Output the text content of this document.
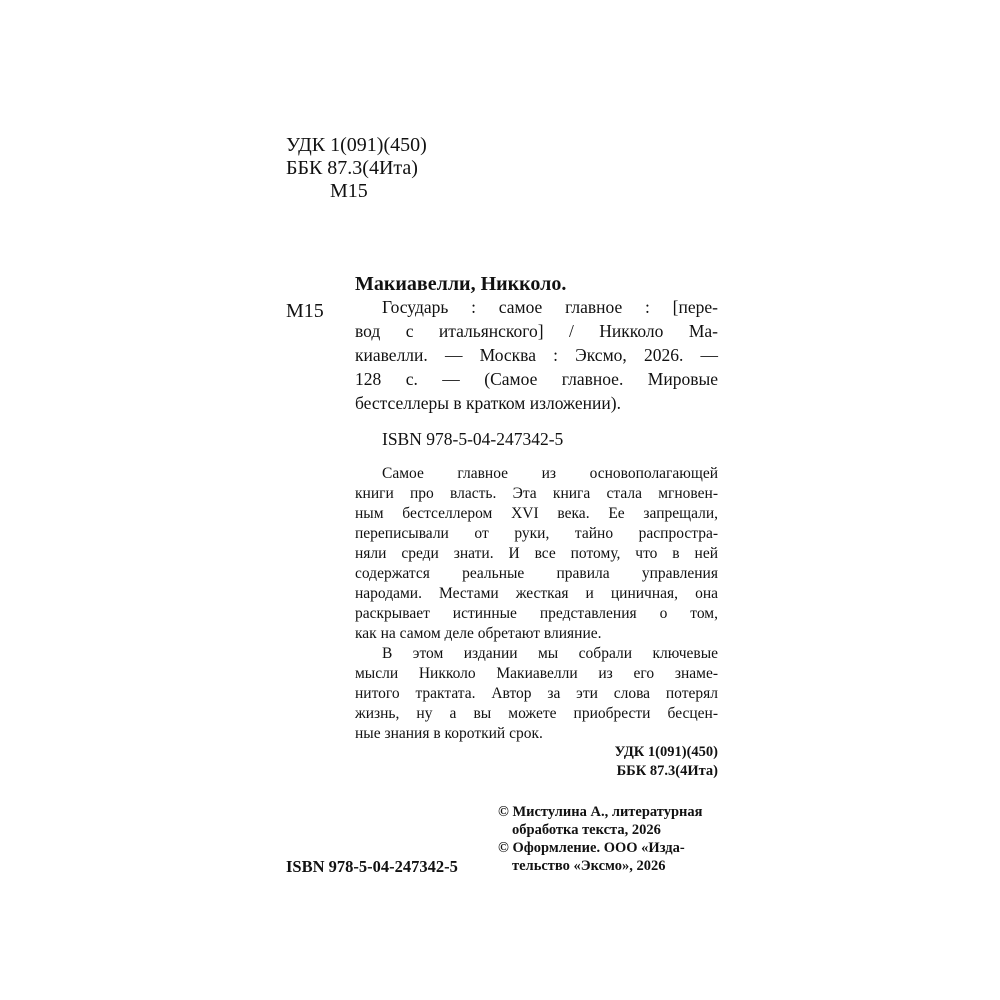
УДК 1(091)(450)
ББК 87.3(4Ита)
М15
Макиавелли, Никколо.
М15	Государь : самое главное : [пере-
вод с итальянского] / Никколо Ма-
киавелли. — Москва : Эксмо, 2026. —
128 с. — (Самое главное. Мировые
бестселлеры в кратком изложении).
ISBN 978-5-04-247342-5
Самое главное из основополагающей
книги про власть. Эта книга стала мгновен-
ным бестселлером XVI века. Ее запрещали,
переписывали от руки, тайно распростра-
няли среди знати. И все потому, что в ней
содержатся реальные правила управления
народами. Местами жесткая и циничная, она
раскрывает истинные представления о том,
как на самом деле обретают влияние.
В этом издании мы собрали ключевые
мысли Никколо Макиавелли из его знаме-
нитого трактата. Автор за эти слова потерял
жизнь, ну а вы можете приобрести бесцен-
ные знания в короткий срок.
УДК 1(091)(450)
ББК 87.3(4Ита)
ISBN 978-5-04-247342-5
© Мистулина А., литературная
обработка текста, 2026
© Оформление. ООО «Изда-
тельство «Эксмо», 2026
